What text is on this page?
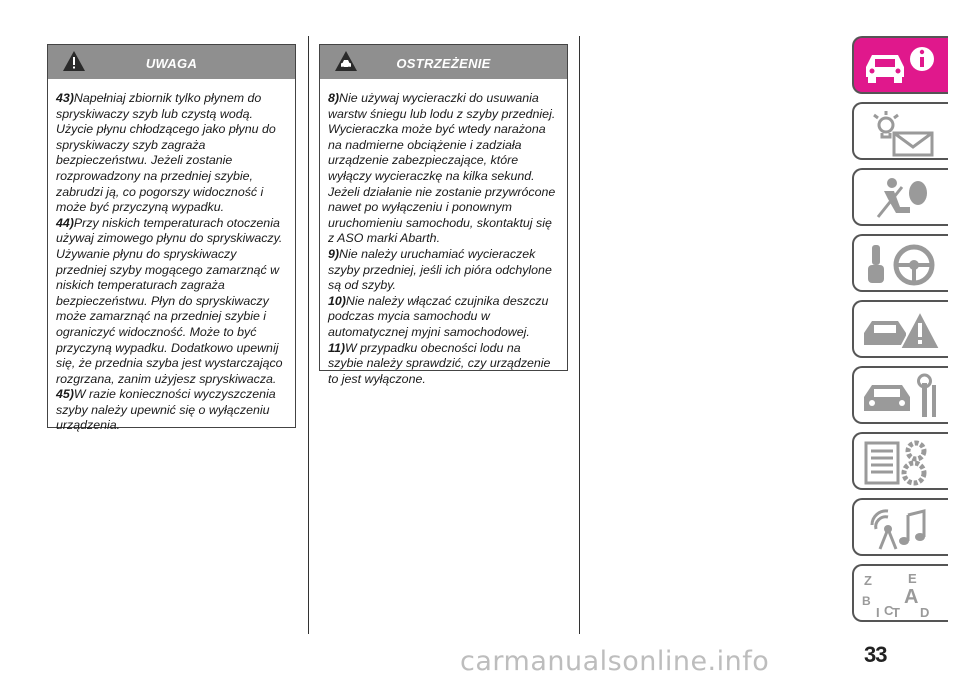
UWAGA

43)Napełniaj zbiornik tylko płynem do spryskiwaczy szyb lub czystą wodą. Użycie płynu chłodzącego jako płynu do spryskiwaczy szyb zagraża bezpieczeństwu. Jeżeli zostanie rozprowadzony na przedniej szybie, zabrudzi ją, co pogorszy widoczność i może być przyczyną wypadku.

44)Przy niskich temperaturach otoczenia używaj zimowego płynu do spryskiwaczy. Używanie płynu do spryskiwaczy przedniej szyby mogącego zamarznąć w niskich temperaturach zagraża bezpieczeństwu. Płyn do spryskiwaczy może zamarznąć na przedniej szybie i ograniczyć widoczność. Może to być przyczyną wypadku. Dodatkowo upewnij się, że przednia szyba jest wystarczająco rozgrzana, zanim użyjesz spryskiwacza.

45)W razie konieczności wyczyszczenia szyby należy upewnić się o wyłączeniu urządzenia.

OSTRZEŻENIE

8)Nie używaj wycieraczki do usuwania warstw śniegu lub lodu z szyby przedniej. Wycieraczka może być wtedy narażona na nadmierne obciążenie i zadziała urządzenie zabezpieczające, które wyłączy wycieraczkę na kilka sekund. Jeżeli działanie nie zostanie przywrócone nawet po wyłączeniu i ponownym uruchomieniu samochodu, skontaktuj się z ASO marki Abarth.

9)Nie należy uruchamiać wycieraczek szyby przedniej, jeśli ich pióra odchylone są od szyby.

10)Nie należy włączać czujnika deszczu podczas mycia samochodu w automatycznej myjni samochodowej.

11)W przypadku obecności lodu na szybie należy sprawdzić, czy urządzenie to jest wyłączone.

Z	E
B A
I C
T D
33
carmanualsonline.info
